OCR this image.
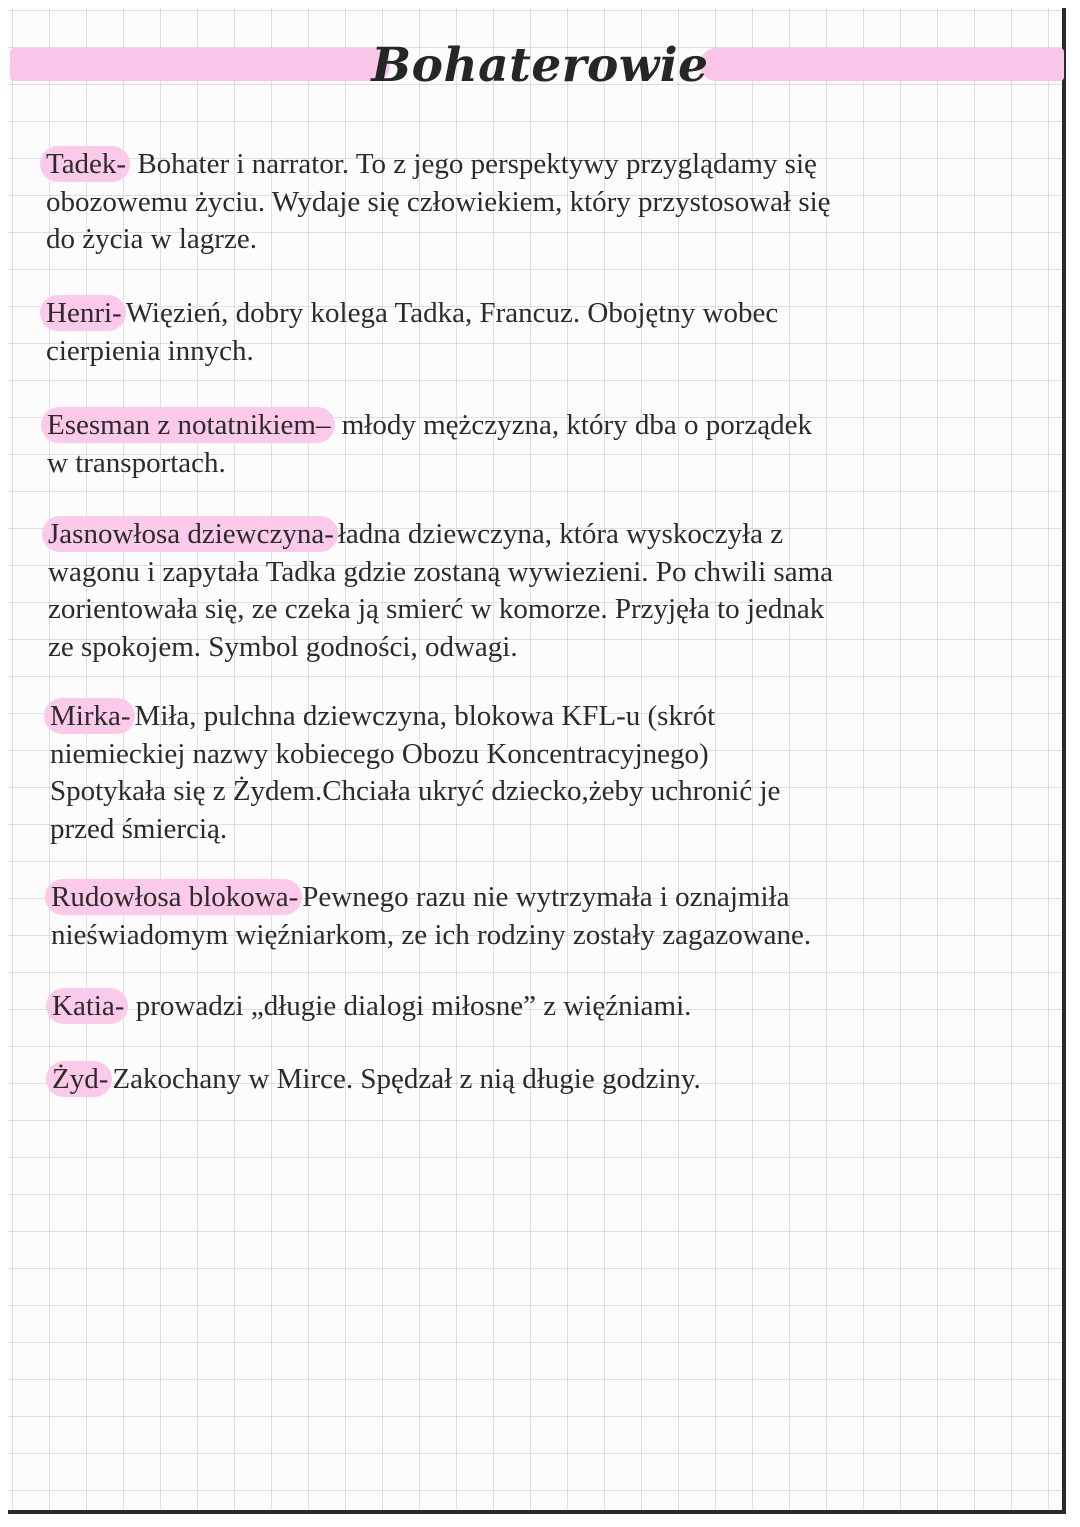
Bohaterowie

Tadek- Bohater i narrator. To z jego perspektywy przyglądamy się
obozowemu życiu. Wydaje się człowiekiem, który przystosował się
do życia w lagrze.

Henri- Więzień, dobry kolega Tadka, Francuz. Obojętny wobec
cierpienia innych.

Esesman z notatnikiem– młody mężczyzna, który dba o porządek
w transportach.

Jasnowłosa dziewczyna- ładna dziewczyna, która wyskoczyła z
wagonu i zapytała Tadka gdzie zostaną wywiezieni. Po chwili sama
zorientowała się, ze czeka ją smierć w komorze. Przyjęła to jednak
ze spokojem. Symbol godności, odwagi.

Mirka- Miła, pulchna dziewczyna, blokowa KFL-u (skrót
niemieckiej nazwy kobiecego Obozu Koncentracyjnego)
Spotykała się z Żydem.Chciała ukryć dziecko,żeby uchronić je
przed śmiercią.

Rudowłosa blokowa- Pewnego razu nie wytrzymała i oznajmiła
nieświadomym więźniarkom, ze ich rodziny zostały zagazowane.

Katia- prowadzi „długie dialogi miłosne” z więźniami.

Żyd- Zakochany w Mirce. Spędzał z nią długie godziny.
